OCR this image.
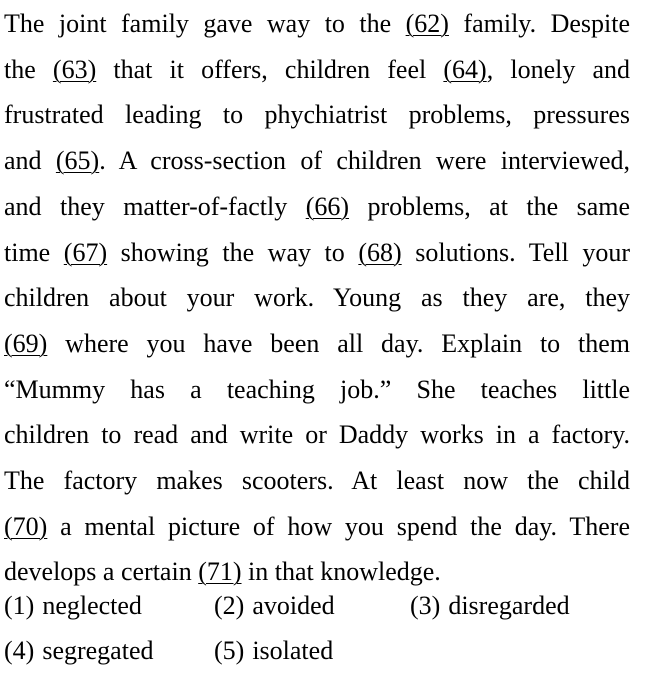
The joint family gave way to the (62) family. Despite
the (63) that it offers, children feel (64), lonely and
frustrated leading to phychiatrist problems, pressures
and (65). A cross-section of children were interviewed,
and they matter-of-factly (66) problems, at the same
time (67) showing the way to (68) solutions. Tell your
children about your work. Young as they are, they
(69) where you have been all day. Explain to them
“Mummy has a teaching job.” She teaches little
children to read and write or Daddy works in a factory.
The factory makes scooters. At least now the child
(70) a mental picture of how you spend the day. There
develops a certain (71) in that knowledge.
(1) neglected	(2) avoided	(3) disregarded
(4) segregated (5) isolated
